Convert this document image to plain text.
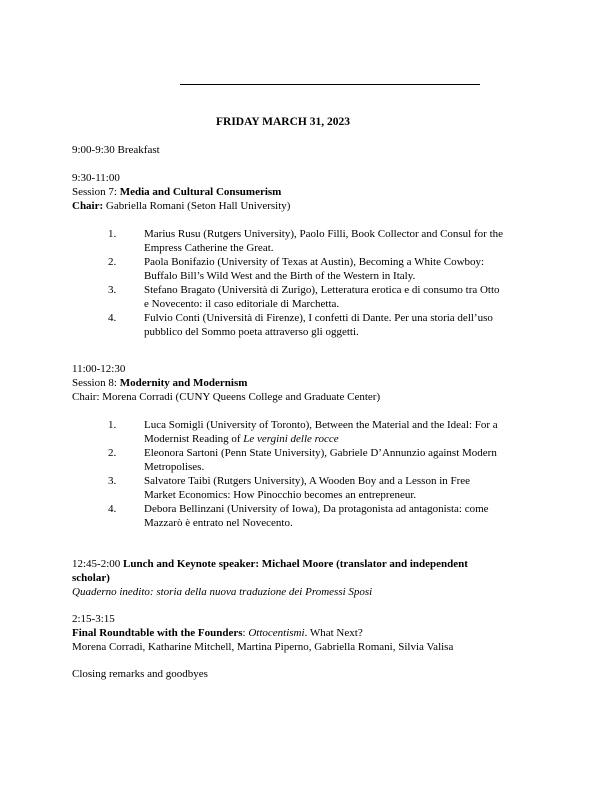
FRIDAY MARCH 31, 2023
9:00-9:30 Breakfast
9:30-11:00
Session 7: Media and Cultural Consumerism
Chair: Gabriella Romani (Seton Hall University)
1.	Marius Rusu (Rutgers University), Paolo Filli, Book Collector and Consul for the
Empress Catherine the Great.
2.	Paola Bonifazio (University of Texas at Austin), Becoming a White Cowboy:
Buffalo Bill’s Wild West and the Birth of the Western in Italy.
3.	Stefano Bragato (Università di Zurigo), Letteratura erotica e di consumo tra Otto
e Novecento: il caso editoriale di Marchetta.
4.	Fulvio Conti (Università di Firenze), I confetti di Dante. Per una storia dell’uso
pubblico del Sommo poeta attraverso gli oggetti.
11:00-12:30
Session 8: Modernity and Modernism
Chair: Morena Corradi (CUNY Queens College and Graduate Center)
1.	Luca Somigli (University of Toronto), Between the Material and the Ideal: For a
Modernist Reading of Le vergini delle rocce
2.	Eleonora Sartoni (Penn State University), Gabriele D’Annunzio against Modern
Metropolises.
3.	Salvatore Taibi (Rutgers University), A Wooden Boy and a Lesson in Free
Market Economics: How Pinocchio becomes an entrepreneur.
4.	Debora Bellinzani (University of Iowa), Da protagonista ad antagonista: come
Mazzarò è entrato nel Novecento.
12:45-2:00 Lunch and Keynote speaker: Michael Moore (translator and independent
scholar)
Quaderno inedito: storia della nuova traduzione dei Promessi Sposi
2:15-3:15
Final Roundtable with the Founders: Ottocentismi. What Next?
Morena Corradi, Katharine Mitchell, Martina Piperno, Gabriella Romani, Silvia Valisa
Closing remarks and goodbyes
